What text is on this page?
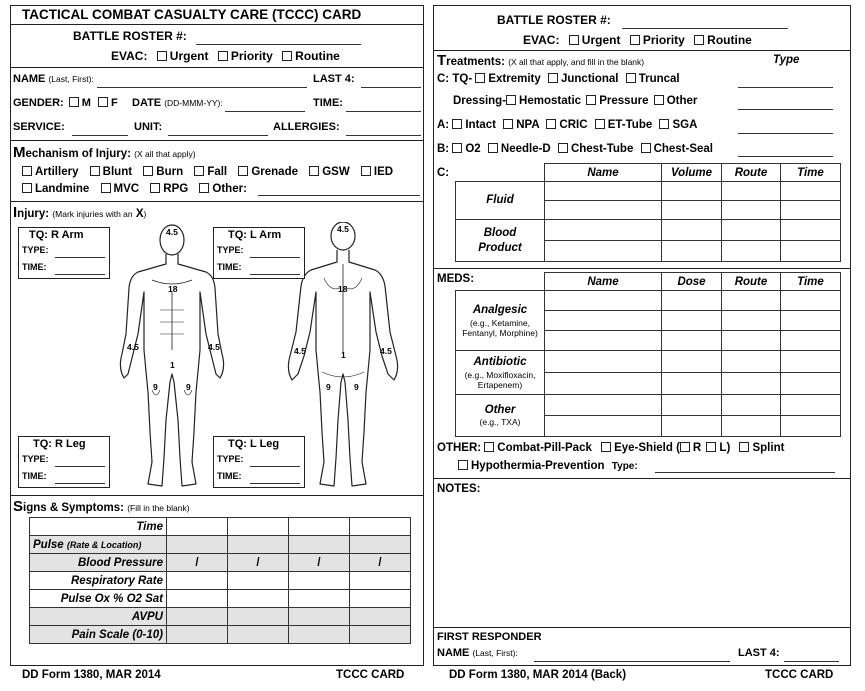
TACTICAL COMBAT CASUALTY CARE (TCCC) CARD
BATTLE ROSTER #:
EVAC: Urgent Priority Routine
NAME (Last, First):	LAST 4:
GENDER: M F DATE (DD-MMM-YY):	TIME:
SERVICE:	UNIT:	ALLERGIES:
Mechanism of Injury: (X all that apply)
Artillery Blunt Burn Fall Grenade GSW IED
Landmine MVC RPG Other:
Injury: (Mark injuries with an X)
4.5
18
4.5	4.5
1
9	9
4.5
18
4.5	4.5
1
9	9
TQ: R Arm
TYPE:
TIME:
TQ: L Arm
TYPE:
TIME:
TQ: R Leg
TYPE:
TIME:
TQ: L Leg
TYPE:
TIME:
Signs & Symptoms: (Fill in the blank)
Time				
Pulse (Rate & Location)				
Blood Pressure	/	/	/	/
Respiratory Rate				
Pulse Ox % O2 Sat				
AVPU				
Pain Scale (0-10)				
DD Form 1380, MAR 2014	TCCC CARD
BATTLE ROSTER #:
EVAC: Urgent Priority Routine
Treatments: (X all that apply, and fill in the blank)	Type
C: TQ- Extremity Junctional Truncal
Dressing- Hemostatic Pressure Other
A: Intact NPA CRIC ET-Tube SGA
B: O2 Needle-D Chest-Tube Chest-Seal
C:
		Name	Volume	Route	Time
Fluid				

Blood
Product				

MEDS:
		Name	Dose	Route	Time

Analgesic
(e.g., Ketamine, Fentanyl, Morphine)				

Antibiotic
(e.g., Moxifloxacin, Ertapenem)				

Other
(e.g., TXA)				

OTHER: Combat-Pill-Pack Eye-Shield ( R L) Splint
Hypothermia-Prevention Type:
NOTES:
FIRST RESPONDER
NAME (Last, First):	LAST 4:
DD Form 1380, MAR 2014 (Back)	TCCC CARD
